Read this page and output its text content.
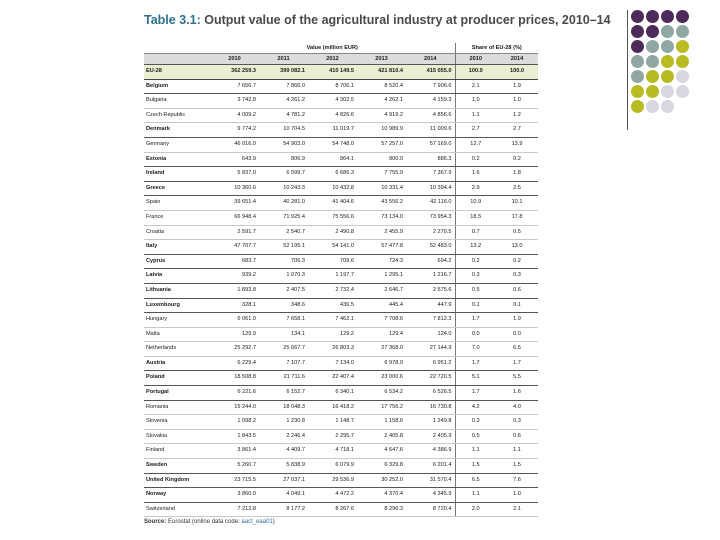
Table 3.1: Output value of the agricultural industry at producer prices, 2010–14
	Value (million EUR)					Share of EU-28 (%)	
	2010	2011	2012	2013	2014	2010	2014
EU-28	362 259.3	399 082.1	410 149.5	421 810.4	415 055.0	100.0	100.0
Belgium	7 656.7	7 866.0	8 706.1	8 520.4	7 906.6	2.1	1.9
Bulgaria	3 742.8	4 261.2	4 302.5	4 262.1	4 159.3	1.0	1.0
Czech Republic	4 009.2	4 781.2	4 826.6	4 919.2	4 856.6	1.1	1.2
Denmark	9 774.2	10 704.5	11 019.7	10 989.9	11 009.6	2.7	2.7
Germany	46 016.0	54 903.0	54 748.0	57 257.0	57 169.0	12.7	13.9
Estonia	643.9	806.9	864.1	900.0	886.3	0.2	0.2
Ireland	5 837.0	6 599.7	6 686.3	7 755.9	7 367.9	1.6	1.8
Greece	10 360.6	10 243.3	10 432.8	10 331.4	10 394.4	2.9	2.5
Spain	39 651.4	40 281.0	41 404.6	43 556.2	42 116.0	10.9	10.1
France	66 948.4	71 925.4	75 556.6	73 134.0	73 954.3	18.5	17.8
Croatia	2 591.7	2 540.7	2 490.8	2 455.9	2 270.5	0.7	0.5
Italy	47 707.7	52 195.1	54 141.0	57 477.8	52 483.0	13.2	13.0
Cyprus	683.7	706.3	709.6	724.3	694.2	0.2	0.2
Latvia	939.2	1 070.3	1 197.7	1 295.1	1 216.7	0.3	0.3
Lithuania	1 893.8	2 407.5	2 732.4	2 646.7	2 575.6	0.5	0.6
Luxembourg	328.1	348.6	436.5	445.4	447.9	0.1	0.1
Hungary	6 061.0	7 658.1	7 462.1	7 708.6	7 812.3	1.7	1.9
Malta	129.9	134.1	129.2	129.4	124.0	0.0	0.0
Netherlands	25 292.7	25 667.7	26 803.3	27 368.0	27 144.9	7.0	6.5
Austria	6 229.4	7 107.7	7 134.0	6 978.0	6 951.2	1.7	1.7
Poland	18 508.8	21 711.6	22 407.4	23 000.6	22 720.5	5.1	5.5
Portugal	6 221.6	6 152.7	6 340.1	6 534.2	6 526.5	1.7	1.6
Romania	15 244.0	18 048.3	16 418.2	17 756.2	16 730.8	4.2	4.0
Slovenia	1 098.2	1 230.8	1 148.7	1 158.6	1 249.8	0.3	0.3
Slovakia	1 843.5	2 246.4	2 295.7	2 405.8	2 405.9	0.5	0.6
Finland	3 861.4	4 409.7	4 718.1	4 647.6	4 386.9	1.1	1.1
Sweden	5 260.7	5 838.9	6 079.9	6 329.8	6 201.4	1.5	1.5
United Kingdom	23 715.5	27 037.1	29 536.9	30 252.0	31 570.4	6.5	7.6
Norway	3 860.0	4 049.1	4 472.2	4 370.4	4 345.9	1.1	1.0
Switzerland	7 212.8	8 177.2	8 267.6	8 296.3	8 720.4	2.0	2.1
Source: Eurostat (online data code: aact_eaa01)
